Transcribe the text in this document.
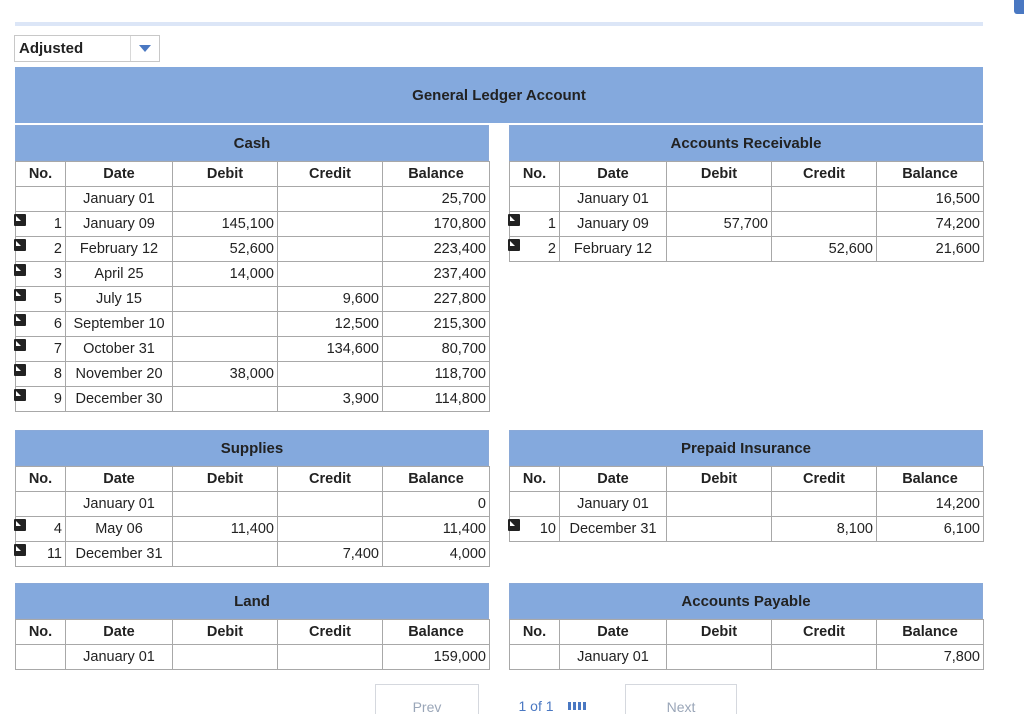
Adjusted
General Ledger Account
Cash
No.	Date	Debit	Credit	Balance
	January 01			25,700
1	January 09	145,100		170,800
2	February 12	52,600		223,400
3	April 25	14,000		237,400
5	July 15		9,600	227,800
6	September 10		12,500	215,300
7	October 31		134,600	80,700
8	November 20	38,000		118,700
9	December 30		3,900	114,800
Accounts Receivable
No.	Date	Debit	Credit	Balance
	January 01			16,500
1	January 09	57,700		74,200
2	February 12		52,600	21,600
Supplies
No.	Date	Debit	Credit	Balance
	January 01			0
4	May 06	11,400		11,400
11	December 31		7,400	4,000
Prepaid Insurance
No.	Date	Debit	Credit	Balance
	January 01			14,200
10	December 31		8,100	6,100
Land
No.	Date	Debit	Credit	Balance
	January 01			159,000
Accounts Payable
No.	Date	Debit	Credit	Balance
	January 01			7,800
Prev	1
of
1	Next
